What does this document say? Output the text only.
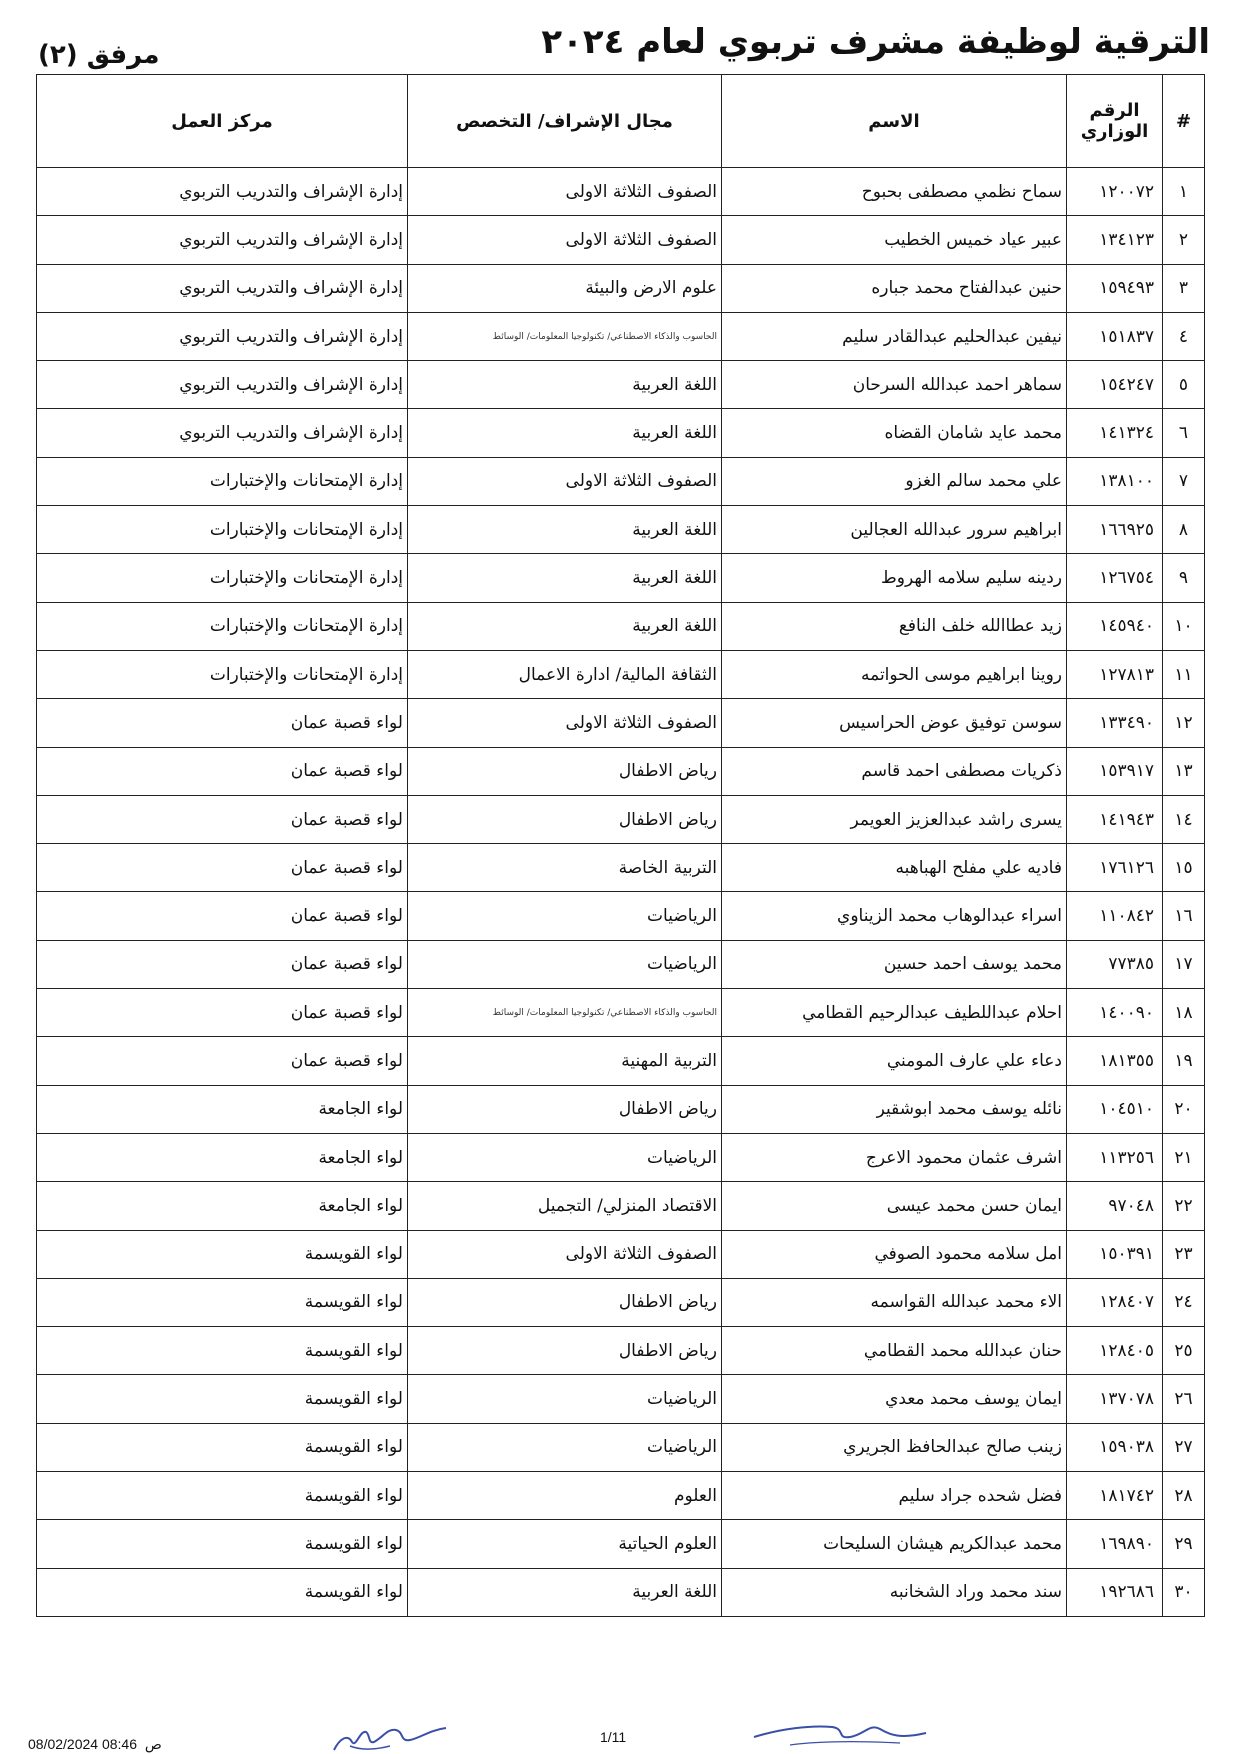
الترقية لوظيفة مشرف تربوي لعام ٢٠٢٤
مرفق (٢)
#	الرقم الوزاري	الاسم	مجال الإشراف/ التخصص	مركز العمل
١	١٢٠٠٧٢	سماح نظمي مصطفى بحبوح	الصفوف الثلاثة الاولى	إدارة الإشراف والتدريب التربوي
٢	١٣٤١٢٣	عبير عياد خميس الخطيب	الصفوف الثلاثة الاولى	إدارة الإشراف والتدريب التربوي
٣	١٥٩٤٩٣	حنين عبدالفتاح محمد جباره	علوم الارض والبيئة	إدارة الإشراف والتدريب التربوي
٤	١٥١٨٣٧	نيفين عبدالحليم عبدالقادر سليم	الحاسوب والذكاء الاصطناعي/ تكنولوجيا المعلومات/ الوسائط	إدارة الإشراف والتدريب التربوي
٥	١٥٤٢٤٧	سماهر احمد عبدالله السرحان	اللغة العربية	إدارة الإشراف والتدريب التربوي
٦	١٤١٣٢٤	محمد عايد شامان القضاه	اللغة العربية	إدارة الإشراف والتدريب التربوي
٧	١٣٨١٠٠	علي محمد سالم الغزو	الصفوف الثلاثة الاولى	إدارة الإمتحانات والإختبارات
٨	١٦٦٩٢٥	ابراهيم سرور عبدالله العجالين	اللغة العربية	إدارة الإمتحانات والإختبارات
٩	١٢٦٧٥٤	ردينه سليم سلامه الهروط	اللغة العربية	إدارة الإمتحانات والإختبارات
١٠	١٤٥٩٤٠	زيد عطاالله خلف النافع	اللغة العربية	إدارة الإمتحانات والإختبارات
١١	١٢٧٨١٣	روينا ابراهيم موسى الحواتمه	الثقافة المالية/ ادارة الاعمال	إدارة الإمتحانات والإختبارات
١٢	١٣٣٤٩٠	سوسن توفيق عوض الحراسيس	الصفوف الثلاثة الاولى	لواء قصبة عمان
١٣	١٥٣٩١٧	ذكريات مصطفى احمد قاسم	رياض الاطفال	لواء قصبة عمان
١٤	١٤١٩٤٣	يسرى راشد عبدالعزيز العويمر	رياض الاطفال	لواء قصبة عمان
١٥	١٧٦١٢٦	فاديه علي مفلح الهباهبه	التربية الخاصة	لواء قصبة عمان
١٦	١١٠٨٤٢	اسراء عبدالوهاب محمد الزيناوي	الرياضيات	لواء قصبة عمان
١٧	٧٧٣٨٥	محمد يوسف احمد حسين	الرياضيات	لواء قصبة عمان
١٨	١٤٠٠٩٠	احلام عبداللطيف عبدالرحيم القطامي	الحاسوب والذكاء الاصطناعي/ تكنولوجيا المعلومات/ الوسائط	لواء قصبة عمان
١٩	١٨١٣٥٥	دعاء علي عارف المومني	التربية المهنية	لواء قصبة عمان
٢٠	١٠٤٥١٠	نائله يوسف محمد ابوشقير	رياض الاطفال	لواء الجامعة
٢١	١١٣٢٥٦	اشرف عثمان محمود الاعرج	الرياضيات	لواء الجامعة
٢٢	٩٧٠٤٨	ايمان حسن محمد عيسى	الاقتصاد المنزلي/ التجميل	لواء الجامعة
٢٣	١٥٠٣٩١	امل سلامه محمود الصوفي	الصفوف الثلاثة الاولى	لواء القويسمة
٢٤	١٢٨٤٠٧	الاء محمد عبدالله القواسمه	رياض الاطفال	لواء القويسمة
٢٥	١٢٨٤٠٥	حنان عبدالله محمد القطامي	رياض الاطفال	لواء القويسمة
٢٦	١٣٧٠٧٨	ايمان يوسف محمد معدي	الرياضيات	لواء القويسمة
٢٧	١٥٩٠٣٨	زينب صالح عبدالحافظ الجريري	الرياضيات	لواء القويسمة
٢٨	١٨١٧٤٢	فضل شحده جراد سليم	العلوم	لواء القويسمة
٢٩	١٦٩٨٩٠	محمد عبدالكريم هيشان السليحات	العلوم الحياتية	لواء القويسمة
٣٠	١٩٢٦٨٦	سند محمد وراد الشخانبه	اللغة العربية	لواء القويسمة
08/02/2024 08:46 ص	1/11
